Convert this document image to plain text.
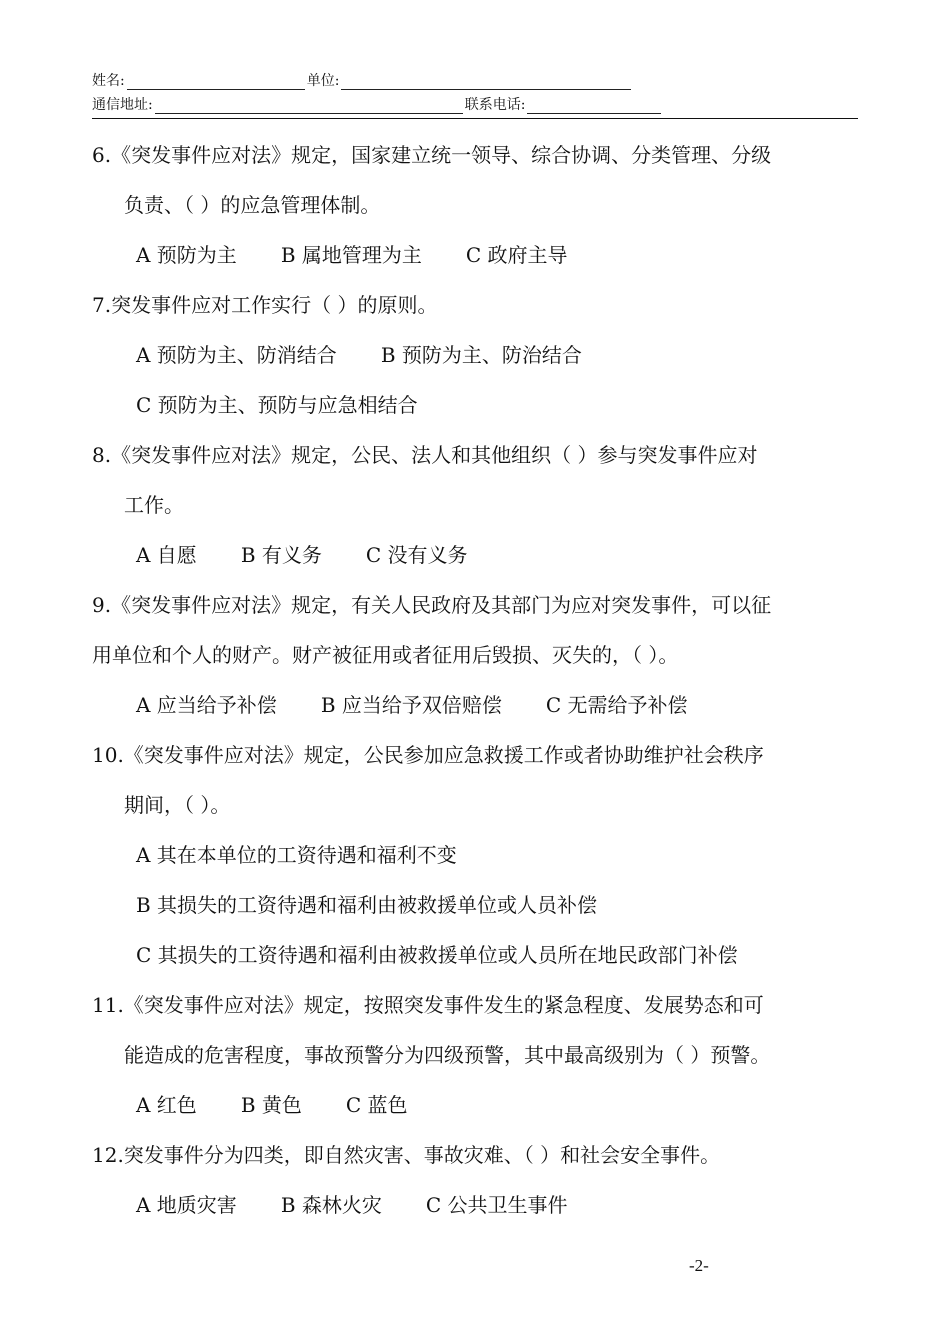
姓名:	单位:
通信地址:	联系电话:
6.《突发事件应对法》规定，国家建立统一领导、综合协调、分类管理、分级
负责、（ ）的应急管理体制。
A 预防为主 B 属地管理为主 C 政府主导
7.突发事件应对工作实行（ ）的原则。
A 预防为主、防消结合 B 预防为主、防治结合
C 预防为主、预防与应急相结合
8.《突发事件应对法》规定，公民、法人和其他组织（ ）参与突发事件应对
工作。
A 自愿 B 有义务 C 没有义务
9.《突发事件应对法》规定，有关人民政府及其部门为应对突发事件，可以征
用单位和个人的财产。财产被征用或者征用后毁损、灭失的，（ ）。
A 应当给予补偿 B 应当给予双倍赔偿 C 无需给予补偿
10.《突发事件应对法》规定，公民参加应急救援工作或者协助维护社会秩序
期间，（ ）。
A 其在本单位的工资待遇和福利不变
B 其损失的工资待遇和福利由被救援单位或人员补偿
C 其损失的工资待遇和福利由被救援单位或人员所在地民政部门补偿
11.《突发事件应对法》规定，按照突发事件发生的紧急程度、发展势态和可
能造成的危害程度，事故预警分为四级预警，其中最高级别为（ ）预警。
A 红色 B 黄色 C 蓝色
12.突发事件分为四类，即自然灾害、事故灾难、（ ）和社会安全事件。
A 地质灾害 B 森林火灾 C 公共卫生事件
-2-
